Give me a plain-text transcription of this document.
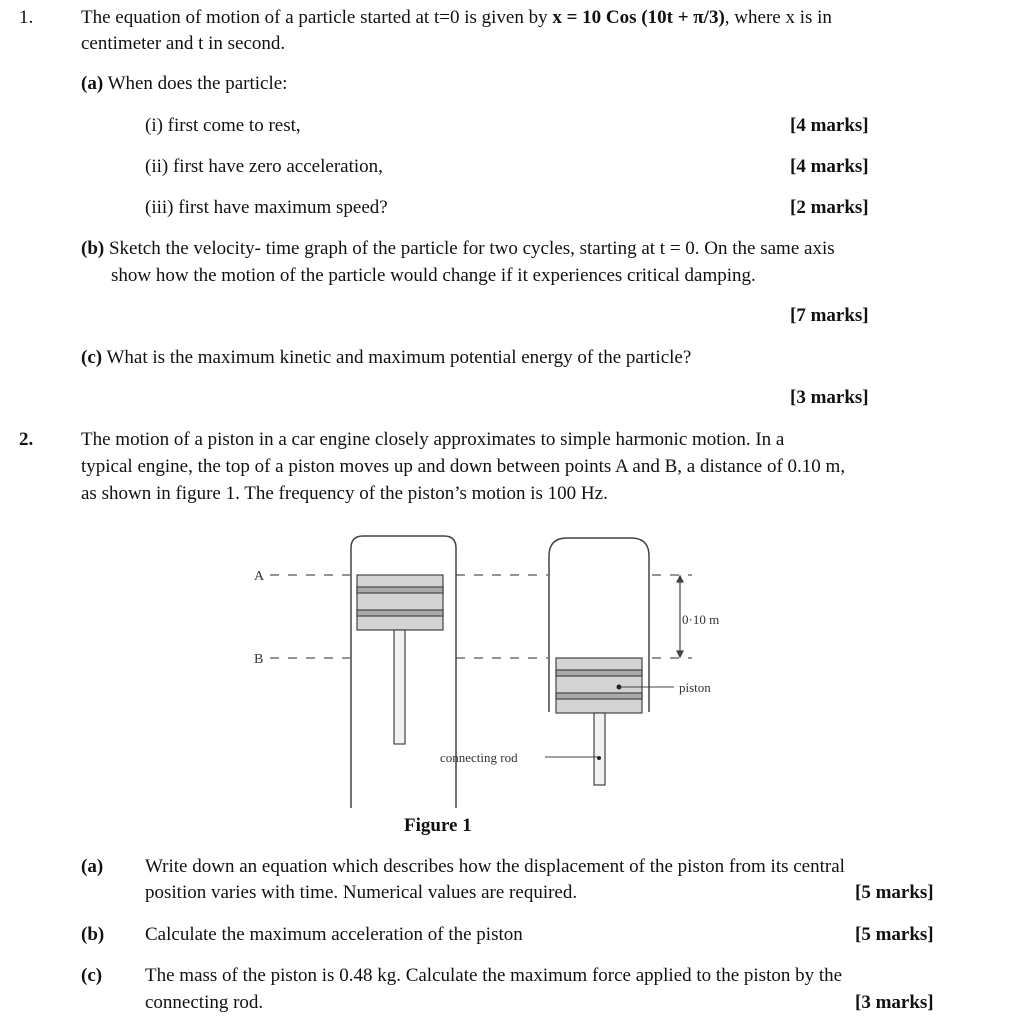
1.	The equation of motion of a particle started at t=0 is given by x = 10 Cos (10t + π/3), where x is in
centimeter and t in second.
(a) When does the particle:
(i) first come to rest,	[4 marks]
(ii) first have zero acceleration,	[4 marks]
(iii) first have maximum speed?	[2 marks]
(b) Sketch the velocity- time graph of the particle for two cycles, starting at t = 0. On the same axis
show how the motion of the particle would change if it experiences critical damping.
[7 marks]
(c) What is the maximum kinetic and maximum potential energy of the particle?
[3 marks]
2.	The motion of a piston in a car engine closely approximates to simple harmonic motion. In a
typical engine, the top of a piston moves up and down between points A and B, a distance of 0.10 m,
as shown in figure 1. The frequency of the piston’s motion is 100 Hz.
A
B
0·10 m
piston
connecting rod
Figure 1
(a) Write down an equation which describes how the displacement of the piston from its central
position varies with time. Numerical values are required.	[5 marks]
(b) Calculate the maximum acceleration of the piston	[5 marks]
(c) The mass of the piston is 0.48 kg. Calculate the maximum force applied to the piston by the
connecting rod.	[3 marks]
